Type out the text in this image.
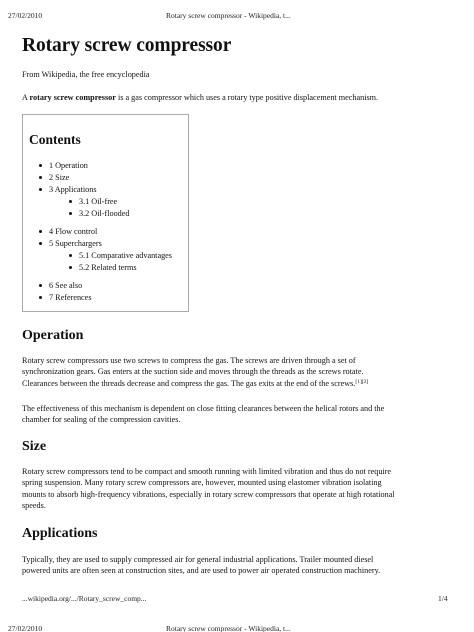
27/02/2010	Rotary screw compressor - Wikipedia, t...
Rotary screw compressor
From Wikipedia, the free encyclopedia
A rotary screw compressor is a gas compressor which uses a rotary type positive displacement mechanism.
Contents
1 Operation
2 Size
3 Applications
3.1 Oil-free
3.2 Oil-flooded
4 Flow control
5 Superchargers
5.1 Comparative advantages
5.2 Related terms
6 See also
7 References
Operation

Rotary screw compressors use two screws to compress the gas. The screws are driven through a set of
synchronization gears. Gas enters at the suction side and moves through the threads as the screws rotate.
Clearances between the threads decrease and compress the gas. The gas exits at the end of the screws.[1][2]

The effectiveness of this mechanism is dependent on close fitting clearances between the helical rotors and the
chamber for sealing of the compression cavities.

Size

Rotary screw compressors tend to be compact and smooth running with limited vibration and thus do not require
spring suspension. Many rotary screw compressors are, however, mounted using elastomer vibration isolating
mounts to absorb high-frequency vibrations, especially in rotary screw compressors that operate at high rotational
speeds.

Applications

Typically, they are used to supply compressed air for general industrial applications. Trailer mounted diesel
powered units are often seen at construction sites, and are used to power air operated construction machinery.

...wikipedia.org/.../Rotary_screw_comp...	1/4
27/02/2010	Rotary screw compressor - Wikipedia, t...
